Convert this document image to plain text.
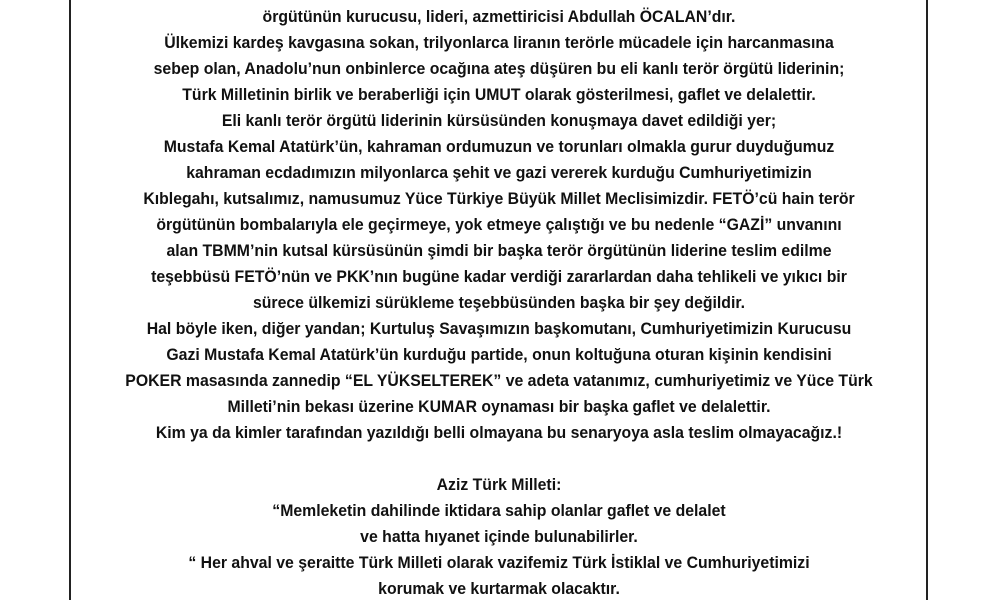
örgütünün kurucusu, lideri, azmettiricisi Abdullah ÖCALAN’dır.
Ülkemizi kardeş kavgasına sokan, trilyonlarca liranın terörle mücadele için harcanmasına
sebep olan, Anadolu’nun onbinlerce ocağına ateş düşüren bu eli kanlı terör örgütü liderinin;
Türk Milletinin birlik ve beraberliği için UMUT olarak gösterilmesi, gaflet ve delalettir.
Eli kanlı terör örgütü liderinin kürsüsünden konuşmaya davet edildiği yer;
Mustafa Kemal Atatürk’ün, kahraman ordumuzun ve torunları olmakla gurur duyduğumuz
kahraman ecdadımızın milyonlarca şehit ve gazi vererek kurduğu Cumhuriyetimizin
Kıblegahı, kutsalımız, namusumuz Yüce Türkiye Büyük Millet Meclisimizdir. FETÖ’cü hain terör
örgütünün bombalarıyla ele geçirmeye, yok etmeye çalıştığı ve bu nedenle “GAZİ” unvanını
alan TBMM’nin kutsal kürsüsünün şimdi bir başka terör örgütünün liderine teslim edilme
teşebbüsü FETÖ’nün ve PKK’nın bugüne kadar verdiği zararlardan daha tehlikeli ve yıkıcı bir
sürece ülkemizi sürükleme teşebbüsünden başka bir şey değildir.
Hal böyle iken, diğer yandan; Kurtuluş Savaşımızın başkomutanı, Cumhuriyetimizin Kurucusu
Gazi Mustafa Kemal Atatürk’ün kurduğu partide, onun koltuğuna oturan kişinin kendisini
POKER masasında zannedip “EL YÜKSELTEREK” ve adeta vatanımız, cumhuriyetimiz ve Yüce Türk
Milleti’nin bekası üzerine KUMAR oynaması bir başka gaflet ve delalettir.
Kim ya da kimler tarafından yazıldığı belli olmayana bu senaryoya asla teslim olmayacağız.!
Aziz Türk Milleti:
“Memleketin dahilinde iktidara sahip olanlar gaflet ve delalet
ve hatta hıyanet içinde bulunabilirler.
“ Her ahval ve şeraitte Türk Milleti olarak vazifemiz Türk İstiklal ve Cumhuriyetimizi
korumak ve kurtarmak olacaktır.
